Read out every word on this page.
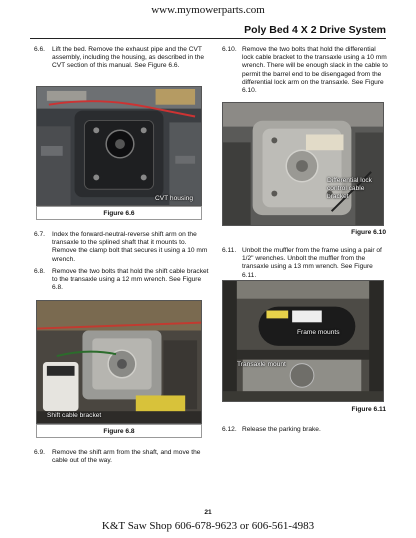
www.mymowerparts.com
Poly Bed 4 X 2 Drive System
6.6. Lift the bed. Remove the exhaust pipe and the CVT assembly, including the housing, as described in the CVT section of this manual. See Figure 6.6.
CVT housing
Figure 6.6
6.7. Index the forward-neutral-reverse shift arm on the transaxle to the splined shaft that it mounts to. Remove the clamp bolt that secures it using a 10 mm wrench.
6.8. Remove the two bolts that hold the shift cable bracket to the transaxle using a 12 mm wrench. See Figure 6.8.
Shift cable bracket
Figure 6.8
6.9. Remove the shift arm from the shaft, and move the cable out of the way.
6.10. Remove the two bolts that hold the differential lock cable bracket to the transaxle using a 10 mm wrench. There will be enough slack in the cable to permit the barrel end to be disengaged from the differential lock arm on the transaxle. See Figure 6.10.
Differential lock
control cable
bracket
Figure 6.10
6.11. Unbolt the muffler from the frame using a pair of 1/2" wrenches. Unbolt the muffler from the transaxle using a 13 mm wrench. See Figure 6.11.
Frame mounts
Transaxle mount
Figure 6.11
6.12. Release the parking brake.
21
K&T Saw Shop 606-678-9623 or 606-561-4983
